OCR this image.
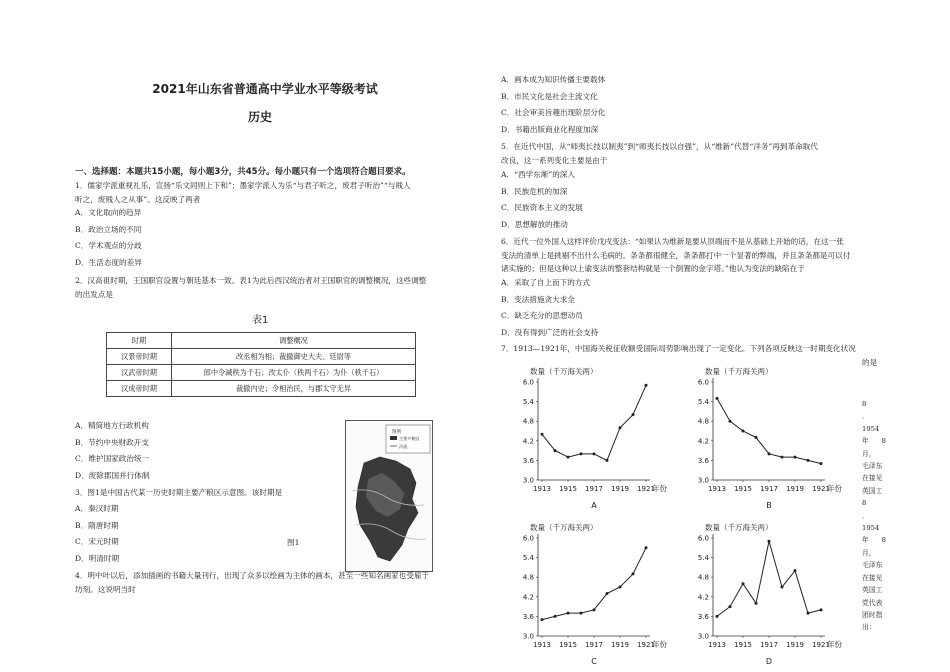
2021年山东省普通高中学业水平等级考试
历史
一、选择题：本题共15小题，每小题3分，共45分。每小题只有一个选项符合题目要求。
1．儒家学派重视礼乐，宣扬“乐文同则上下和”；墨家学派人为乐“与君子听之，废君子听治”“与贱人
听之，废贱人之从事”。这反映了两者
A．文化取向的趋异
B．政治立场的不同
C．学术观点的分歧
D．生活态度的差异
2．汉高祖时期，王国职官设置与朝廷基本一致。表1为此后西汉统治者对王国职官的调整概况，这些调整
的出发点是
表1
时期	调整概况
汉景帝时期	改丞相为相；裁撤御史大夫、廷尉等
汉武帝时期	郎中令减秩为千石；改太仆（秩两千石）为仆（秩千石）
汉成帝时期	裁撤内史；令相治民，与郡太守无异
A．精简地方行政机构
B．节约中央财政开支
C．维护国家政治统一
D．废除郡国并行体制
3．图1是中国古代某一历史时期主要产粮区示意图。该时期是
A．秦汉时期
B．隋唐时期
C．宋元时期
D．明清时期
图1
图例
主要产粮区
河流
4．明中叶以后，添加插画的书籍大量刊行，出现了众多以绘画为主体的画本，甚至一些知名画家也受雇于
坊刻。这说明当时
A．画本成为知识传播主要载体
B．市民文化是社会主流文化
C．社会审美旨趣出现阶层分化
D．书籍出版商业化程度加深
5．在近代中国，从“师夷长技以制夷”到“师夷长技以自强”，从“维新”代替“洋务”再到革命取代
改良，这一系列变化主要是由于
A．“西学东渐”的深入
B．民族危机的加深
C．民族资本主义的发展
D．思想解放的推动
6．近代一位外国人这样评价戊戌变法：“如果认为维新是要从顶端而不是从基础上开始的话，在这一张
变法的清单上是挑剔不出什么毛病的。条条都很健全，条条都打中一个显著的弊端，并且条条都是可以付
诸实施的；但是这种以上谕变法的整套结构就是一个倒置的金字塔。”他认为变法的缺陷在于
A．采取了自上而下的方式
B．变法措施贪大求全
C．缺乏充分的思想动员
D．没有得到广泛的社会支持
7．1913—1921年，中国海关税征收额受国际局势影响出现了一定变化。下列各项反映这一时期变化状况
的是
数量（千万海关两）
3.0
3.6
4.2
4.8
5.4
6.0
1913 1915 1917 1919 1921
年份
A
数量（千万海关两）
3.0
3.6
4.2
4.8
5.4
6.0
1913 1915 1917 1919 1921
年份
B
数量（千万海关两）
3.0
3.6
4.2
4.8
5.4
6.0
1913 1915 1917 1919 1921
年份
C
数量（千万海关两）
3.0
3.6
4.2
4.8
5.4
6.0
1913 1915 1917 1919 1921
年份
D
8
．
1954
年8月，
毛泽东
在接见
英国工
8
．
1954
年8月，
毛泽东
在接见
英国工
党代表
团时指
出：
